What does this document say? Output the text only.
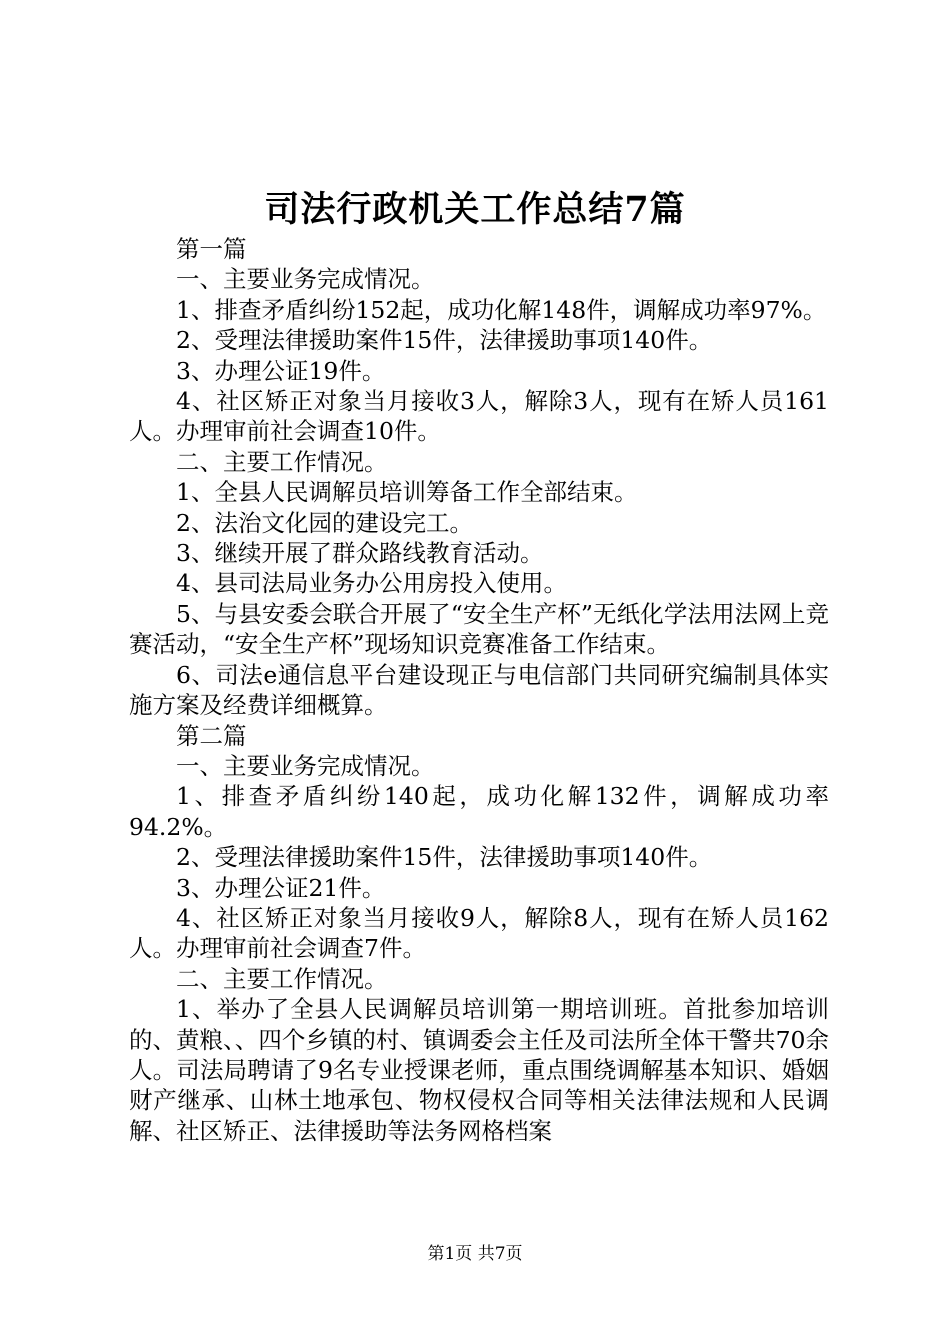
司法行政机关工作总结7篇

第一篇

一、主要业务完成情况。

1、排查矛盾纠纷152起，成功化解148件，调解成功率97%。

2、受理法律援助案件15件，法律援助事项140件。

3、办理公证19件。

4、社区矫正对象当月接收3人，解除3人，现有在矫人员161人。办理审前社会调查10件。

二、主要工作情况。

1、全县人民调解员培训筹备工作全部结束。

2、法治文化园的建设完工。

3、继续开展了群众路线教育活动。

4、县司法局业务办公用房投入使用。

5、与县安委会联合开展了“安全生产杯”无纸化学法用法网上竞赛活动，“安全生产杯”现场知识竞赛准备工作结束。

6、司法e通信息平台建设现正与电信部门共同研究编制具体实施方案及经费详细概算。

第二篇

一、主要业务完成情况。

1、排查矛盾纠纷140起，成功化解132件，调解成功率94.2%。

2、受理法律援助案件15件，法律援助事项140件。

3、办理公证21件。

4、社区矫正对象当月接收9人，解除8人，现有在矫人员162人。办理审前社会调查7件。

二、主要工作情况。

1、举办了全县人民调解员培训第一期培训班。首批参加培训的、黄粮、、四个乡镇的村、镇调委会主任及司法所全体干警共70余人。司法局聘请了9名专业授课老师，重点围绕调解基本知识、婚姻财产继承、山林土地承包、物权侵权合同等相关法律法规和人民调解、社区矫正、法律援助等法务网格档案

第1页 共7页
